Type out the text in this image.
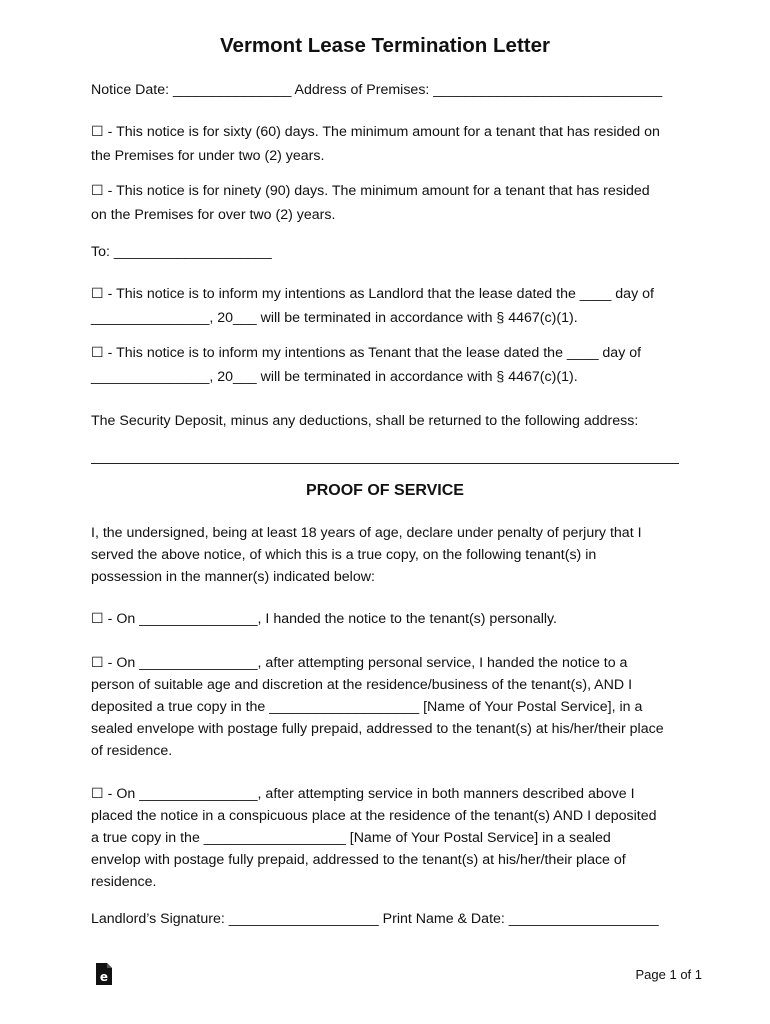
Vermont Lease Termination Letter
Notice Date: _______________ Address of Premises: _____________________________
☐ - This notice is for sixty (60) days. The minimum amount for a tenant that has resided on
the Premises for under two (2) years.
☐ - This notice is for ninety (90) days. The minimum amount for a tenant that has resided
on the Premises for over two (2) years.
To: ____________________
☐ - This notice is to inform my intentions as Landlord that the lease dated the ____ day of
_______________, 20___ will be terminated in accordance with § 4467(c)(1).
☐ - This notice is to inform my intentions as Tenant that the lease dated the ____ day of
_______________, 20___ will be terminated in accordance with § 4467(c)(1).
The Security Deposit, minus any deductions, shall be returned to the following address:
PROOF OF SERVICE
I, the undersigned, being at least 18 years of age, declare under penalty of perjury that I
served the above notice, of which this is a true copy, on the following tenant(s) in
possession in the manner(s) indicated below:
☐ - On _______________, I handed the notice to the tenant(s) personally.
☐ - On _______________, after attempting personal service, I handed the notice to a
person of suitable age and discretion at the residence/business of the tenant(s), AND I
deposited a true copy in the ___________________ [Name of Your Postal Service], in a
sealed envelope with postage fully prepaid, addressed to the tenant(s) at his/her/their place
of residence.
☐ - On _______________, after attempting service in both manners described above I
placed the notice in a conspicuous place at the residence of the tenant(s) AND I deposited
a true copy in the __________________ [Name of Your Postal Service] in a sealed
envelop with postage fully prepaid, addressed to the tenant(s) at his/her/their place of
residence.
Landlord’s Signature: ___________________ Print Name & Date: ___________________
e	Page 1 of 1
